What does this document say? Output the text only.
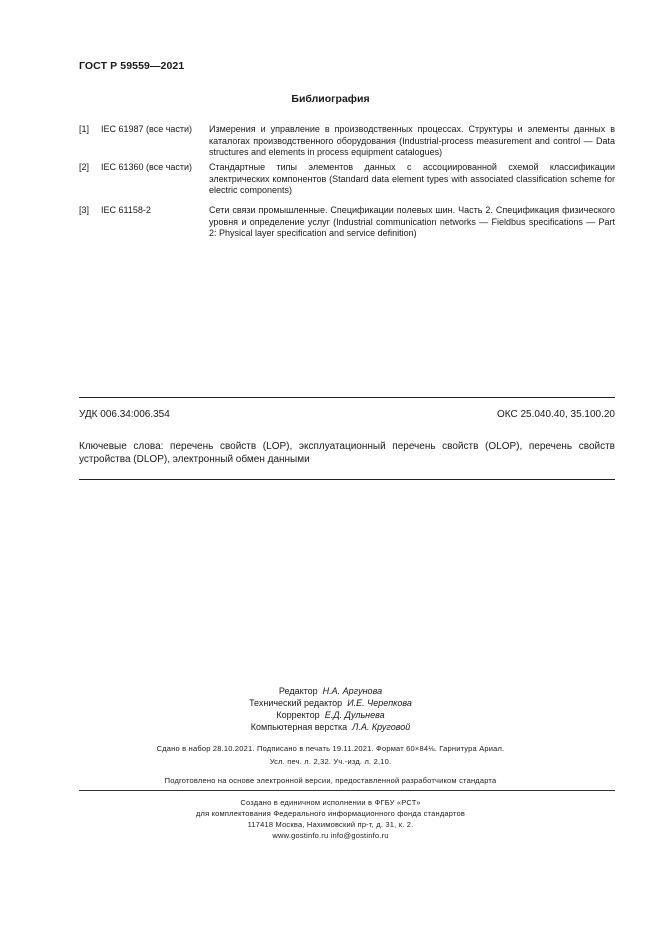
ГОСТ Р 59559—2021
Библиография
[1]	IEC 61987 (все части)	Измерения и управление в производственных процессах. Структуры и элементы данных в каталогах производственного оборудования (Industrial-process measurement and control — Data structures and elements in process equipment catalogues)
[2]	IEC 61360 (все части)	Стандартные типы элементов данных с ассоциированной схемой классификации электрических компонентов (Standard data element types with associated classification scheme for electric components)
[3]	IEC 61158-2	Сети связи промышленные. Спецификации полевых шин. Часть 2. Спецификация физического уровня и определение услуг (Industrial communication networks — Fieldbus specifications — Part 2: Physical layer specification and service definition)
УДК 006.34:006.354	ОКС 25.040.40, 35.100.20
Ключевые слова: перечень свойств (LOP), эксплуатационный перечень свойств (OLOP), перечень свойств устройства (DLOP), электронный обмен данными
Редактор Н.А. Аргунова
Технический редактор И.Е. Черепкова
Корректор Е.Д. Дульнева
Компьютерная верстка Л.А. Круговой
Сдано в набор 28.10.2021. Подписано в печать 19.11.2021. Формат 60×84⅛. Гарнитура Ариал.
Усл. печ. л. 2,32. Уч.-изд. л. 2,10.
Подготовлено на основе электронной версии, предоставленной разработчиком стандарта
Создано в единичном исполнении в ФГБУ «РСТ»
для комплектования Федерального информационного фонда стандартов
117418 Москва, Нахимовский пр-т, д. 31, к. 2.
www.gostinfo.ru info@gostinfo.ru
